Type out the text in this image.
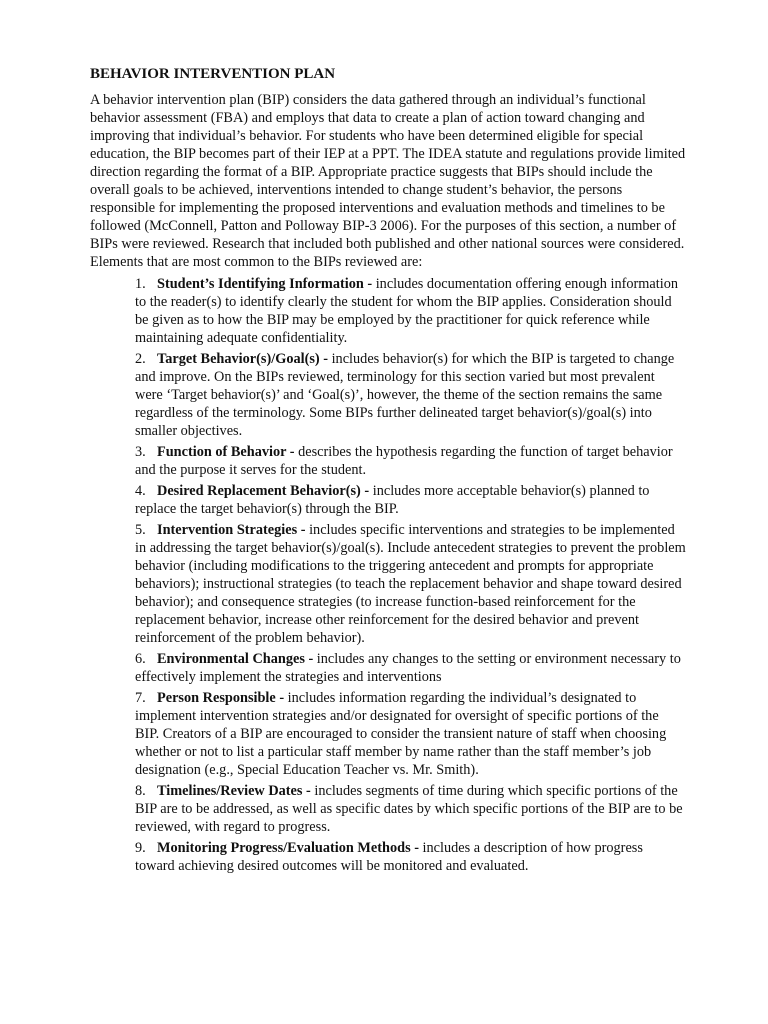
BEHAVIOR INTERVENTION PLAN
A behavior intervention plan (BIP) considers the data gathered through an individual’s functional behavior assessment (FBA) and employs that data to create a plan of action toward changing and improving that individual’s behavior. For students who have been determined eligible for special education, the BIP becomes part of their IEP at a PPT. The IDEA statute and regulations provide limited direction regarding the format of a BIP. Appropriate practice suggests that BIPs should include the overall goals to be achieved, interventions intended to change student’s behavior, the persons responsible for implementing the proposed interventions and evaluation methods and timelines to be followed (McConnell, Patton and Polloway BIP-3 2006). For the purposes of this section, a number of BIPs were reviewed. Research that included both published and other national sources were considered. Elements that are most common to the BIPs reviewed are:
1. Student’s Identifying Information - includes documentation offering enough information to the reader(s) to identify clearly the student for whom the BIP applies. Consideration should be given as to how the BIP may be employed by the practitioner for quick reference while maintaining adequate confidentiality.
2. Target Behavior(s)/Goal(s) - includes behavior(s) for which the BIP is targeted to change and improve. On the BIPs reviewed, terminology for this section varied but most prevalent were ‘Target behavior(s)’ and ‘Goal(s)’, however, the theme of the section remains the same regardless of the terminology. Some BIPs further delineated target behavior(s)/goal(s) into smaller objectives.
3. Function of Behavior - describes the hypothesis regarding the function of target behavior and the purpose it serves for the student.
4. Desired Replacement Behavior(s) - includes more acceptable behavior(s) planned to replace the target behavior(s) through the BIP.
5. Intervention Strategies - includes specific interventions and strategies to be implemented in addressing the target behavior(s)/goal(s). Include antecedent strategies to prevent the problem behavior (including modifications to the triggering antecedent and prompts for appropriate behaviors); instructional strategies (to teach the replacement behavior and shape toward desired behavior); and consequence strategies (to increase function-based reinforcement for the replacement behavior, increase other reinforcement for the desired behavior and prevent reinforcement of the problem behavior).
6. Environmental Changes - includes any changes to the setting or environment necessary to effectively implement the strategies and interventions
7. Person Responsible - includes information regarding the individual’s designated to implement intervention strategies and/or designated for oversight of specific portions of the BIP. Creators of a BIP are encouraged to consider the transient nature of staff when choosing whether or not to list a particular staff member by name rather than the staff member’s job designation (e.g., Special Education Teacher vs. Mr. Smith).
8. Timelines/Review Dates - includes segments of time during which specific portions of the BIP are to be addressed, as well as specific dates by which specific portions of the BIP are to be reviewed, with regard to progress.
9. Monitoring Progress/Evaluation Methods - includes a description of how progress toward achieving desired outcomes will be monitored and evaluated.
